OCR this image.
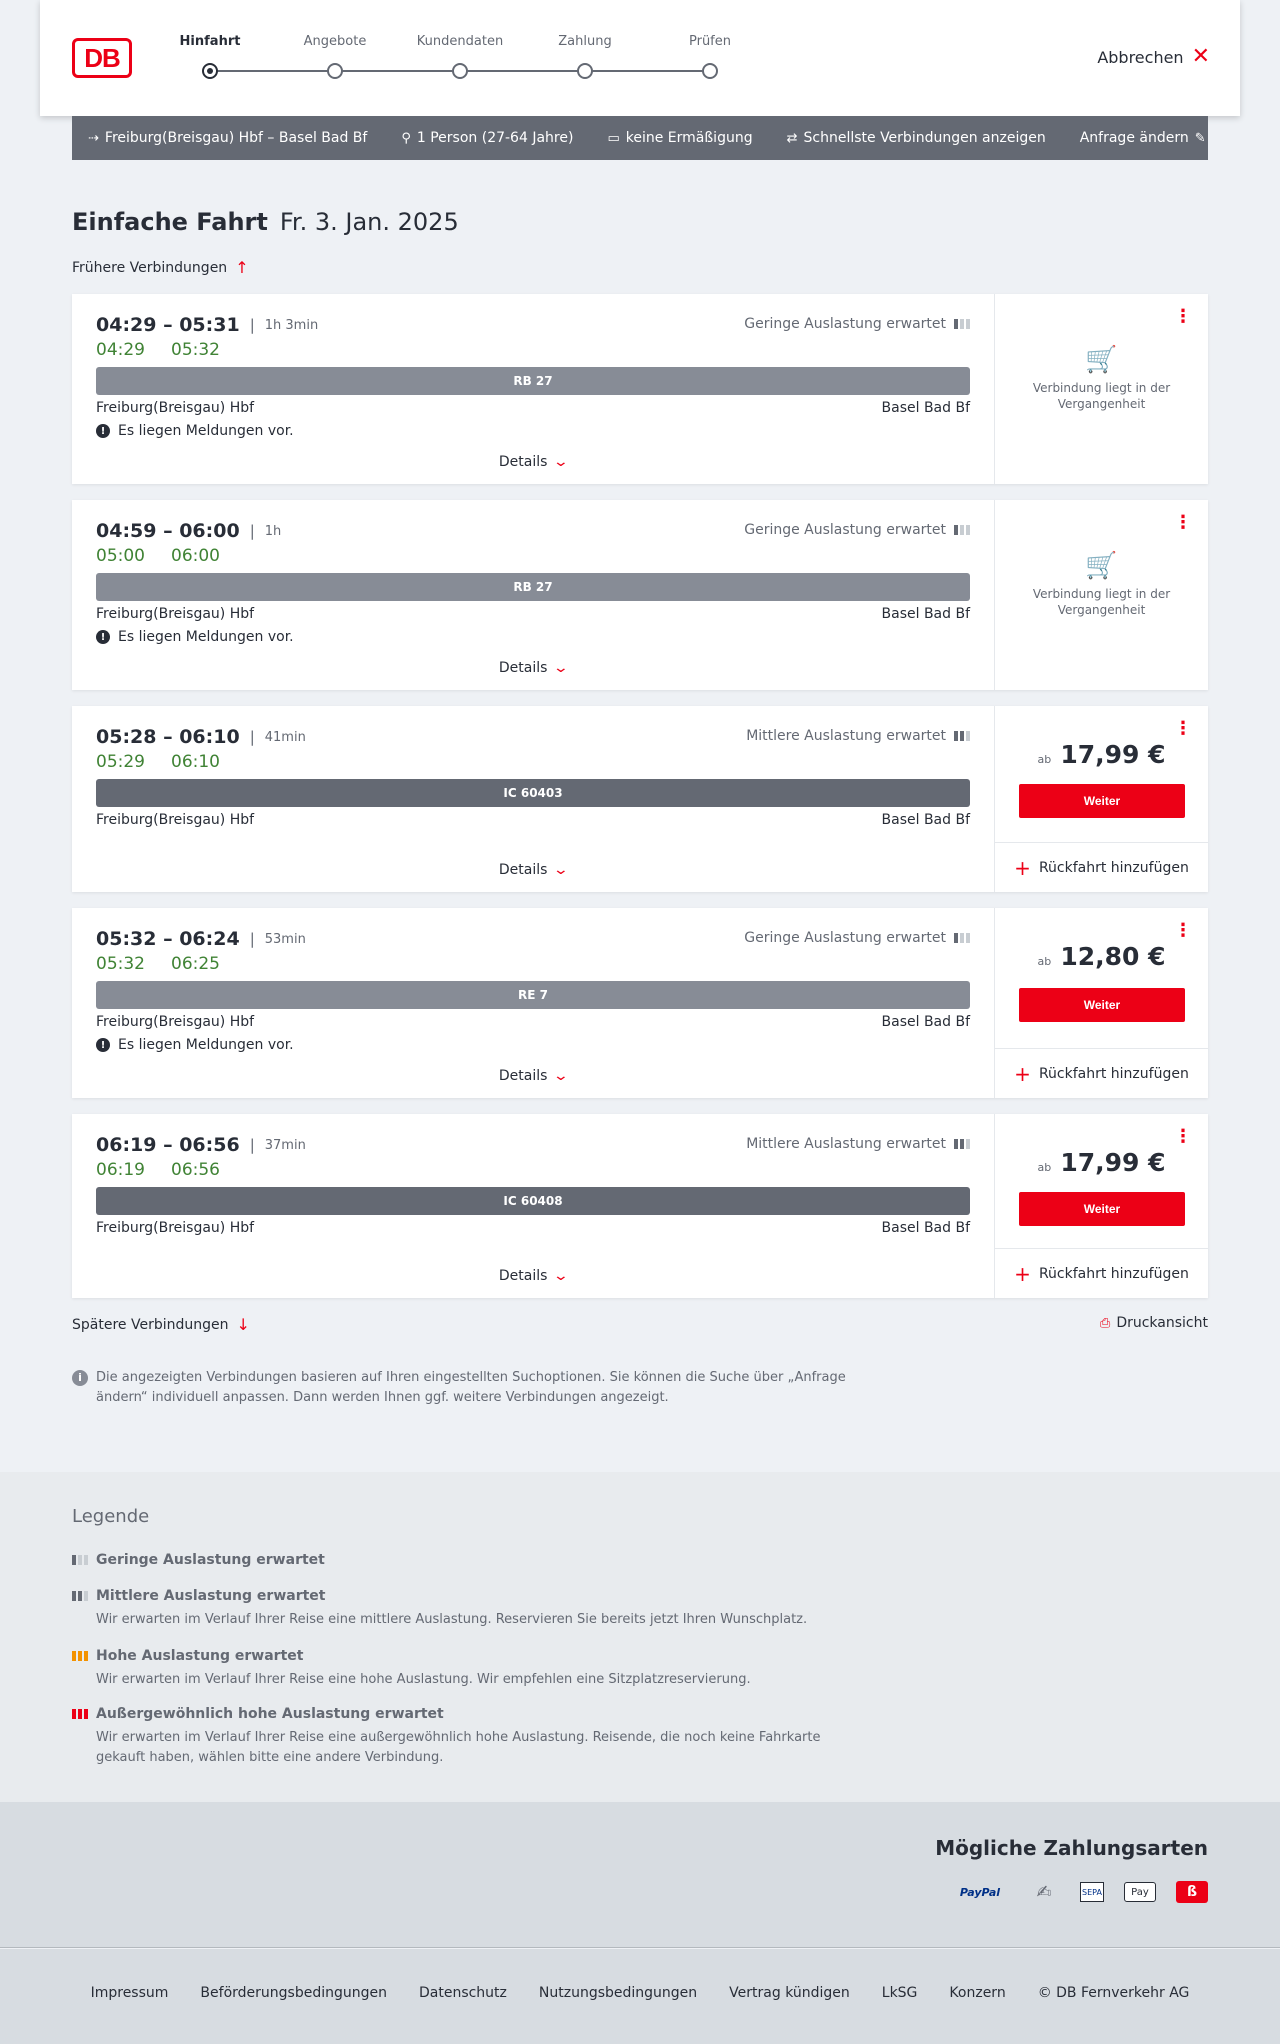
DB
Hinfahrt	Angebote	Kundendaten	Zahlung	Prüfen
Abbrechen ✕
⇢ Freiburg(Breisgau) Hbf – Basel Bad Bf	⚲ 1 Person (27-64 Jahre)	▭ keine Ermäßigung	⇄ Schnellste Verbindungen anzeigen Anfrage ändern ✎
Einfache Fahrt Fr. 3. Jan. 2025
Frühere Verbindungen ↑
04:29 – 05:31 | 1h 3min
04:29 05:32
Geringe Auslastung erwartet
RB 27
Freiburg(Breisgau) Hbf	Basel Bad Bf
! Es liegen Meldungen vor.
Details ⌄
⋮
🛒
Verbindung liegt in der Vergangenheit
04:59 – 06:00 | 1h
05:00 06:00
Geringe Auslastung erwartet
RB 27
Freiburg(Breisgau) Hbf	Basel Bad Bf
! Es liegen Meldungen vor.
Details ⌄
⋮
🛒
Verbindung liegt in der Vergangenheit
05:28 – 06:10 | 41min
05:29 06:10
Mittlere Auslastung erwartet
IC 60403
Freiburg(Breisgau) Hbf	Basel Bad Bf
Details ⌄
⋮
ab 17,99 €
Weiter
+ Rückfahrt hinzufügen
05:32 – 06:24 | 53min
05:32 06:25
Geringe Auslastung erwartet
RE 7
Freiburg(Breisgau) Hbf	Basel Bad Bf
! Es liegen Meldungen vor.
Details ⌄
⋮
ab 12,80 €
Weiter
+ Rückfahrt hinzufügen
06:19 – 06:56 | 37min
06:19 06:56
Mittlere Auslastung erwartet
IC 60408
Freiburg(Breisgau) Hbf	Basel Bad Bf
Details ⌄
⋮
ab 17,99 €
Weiter
+ Rückfahrt hinzufügen
Spätere Verbindungen ↓	⎙ Druckansicht
i	Die angezeigten Verbindungen basieren auf Ihren eingestellten Suchoptionen. Sie können die Suche über „Anfrage ändern“ individuell anpassen. Dann werden Ihnen ggf. weitere Verbindungen angezeigt.
Legende
Geringe Auslastung erwartet
Mittlere Auslastung erwartet
Wir erwarten im Verlauf Ihrer Reise eine mittlere Auslastung. Reservieren Sie bereits jetzt Ihren Wunschplatz.
Hohe Auslastung erwartet
Wir erwarten im Verlauf Ihrer Reise eine hohe Auslastung. Wir empfehlen eine Sitzplatzreservierung.
Außergewöhnlich hohe Auslastung erwartet
Wir erwarten im Verlauf Ihrer Reise eine außergewöhnlich hohe Auslastung. Reisende, die noch keine Fahrkarte gekauft haben, wählen bitte eine andere Verbindung.
Mögliche Zahlungsarten
PayPal	✍	SEPA	Pay	ß
Impressum Beförderungsbedingungen Datenschutz Nutzungsbedingungen Vertrag kündigen LkSG Konzern © DB Fernverkehr AG
